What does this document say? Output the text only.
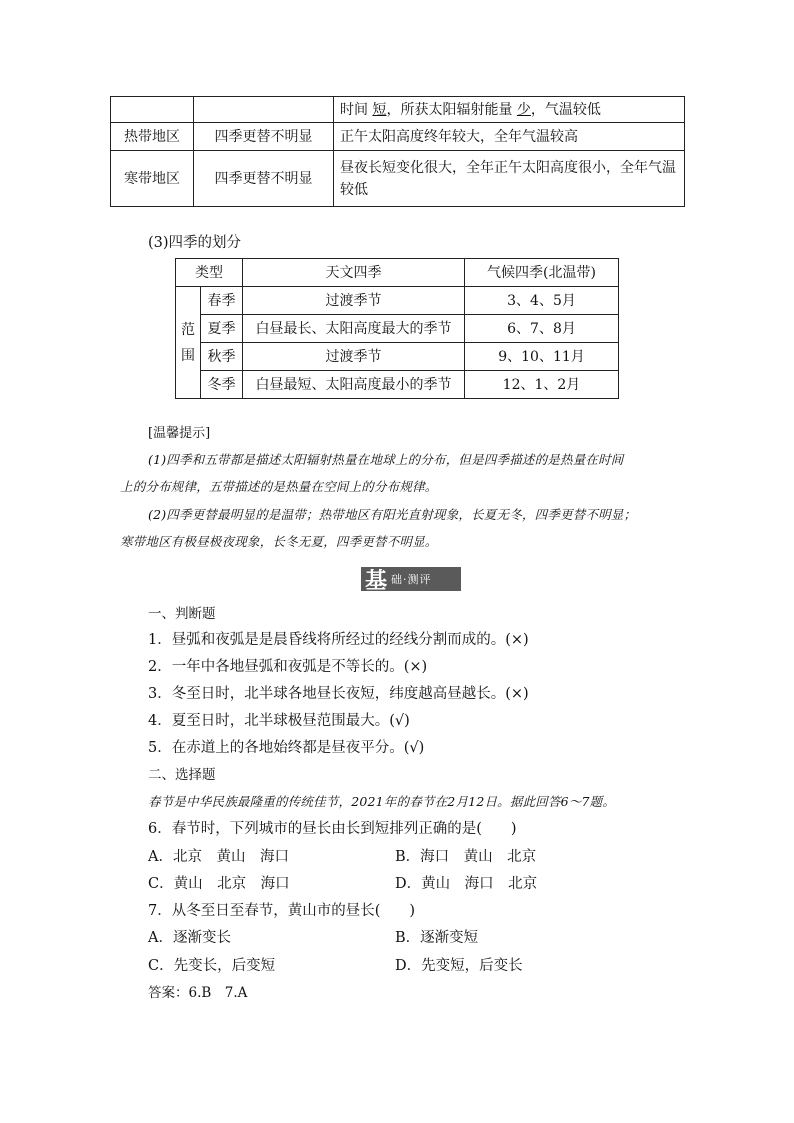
		时间 短，所获太阳辐射能量 少，气温较低
热带地区	四季更替不明显	正午太阳高度终年较大，全年气温较高
寒带地区	四季更替不明显	昼夜长短变化很大，全年正午太阳高度很小，全年气温较低
(3)四季的划分
类型		天文四季	气候四季(北温带)
范围	春季	过渡季节	3、4、5月
	夏季	白昼最长、太阳高度最大的季节	6、7、8月
	秋季	过渡季节	9、10、11月
	冬季	白昼最短、太阳高度最小的季节	12、1、2月
[温馨提示]
(1)四季和五带都是描述太阳辐射热量在地球上的分布，但是四季描述的是热量在时间
上的分布规律，五带描述的是热量在空间上的分布规律。
(2)四季更替最明显的是温带；热带地区有阳光直射现象，长夏无冬，四季更替不明显；
寒带地区有极昼极夜现象，长冬无夏，四季更替不明显。
基 础·测评
一、判断题
1．昼弧和夜弧是是晨昏线将所经过的经线分割而成的。(×)
2．一年中各地昼弧和夜弧是不等长的。(×)
3．冬至日时，北半球各地昼长夜短，纬度越高昼越长。(×)
4．夏至日时，北半球极昼范围最大。(√)
5．在赤道上的各地始终都是昼夜平分。(√)
二、选择题
春节是中华民族最隆重的传统佳节，2021年的春节在2月12日。据此回答6～7题。
6．春节时，下列城市的昼长由长到短排列正确的是(　　)
A．北京　黄山　海口	B．海口　黄山　北京
C．黄山　北京　海口	D．黄山　海口　北京
7．从冬至日至春节，黄山市的昼长(　　)
A．逐渐变长	B．逐渐变短
C．先变长，后变短	D．先变短，后变长
答案：6.B　7.A
